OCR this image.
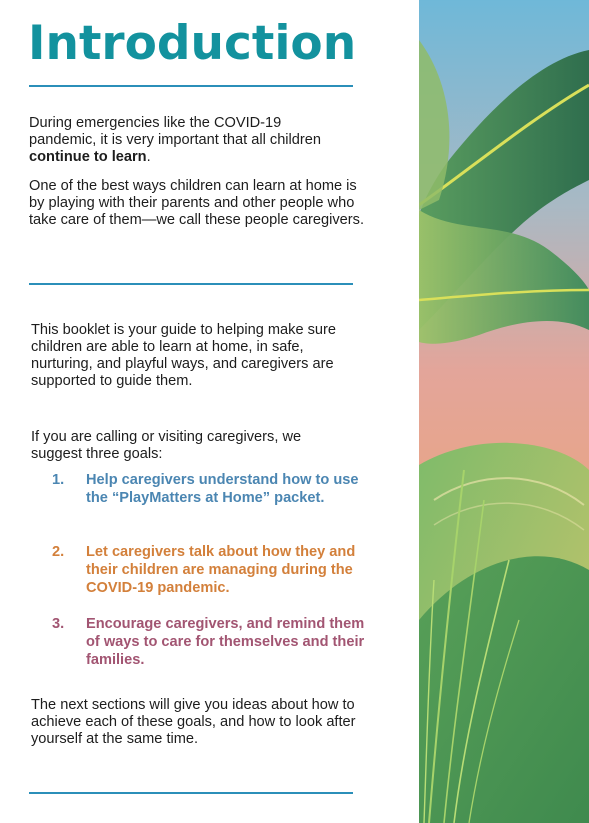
Introduction

During emergencies like the COVID-19 pandemic, it is very important that all children continue to learn.

One of the best ways children can learn at home is by playing with their parents and other people who take care of them—we call these people caregivers.

This booklet is your guide to helping make sure children are able to learn at home, in safe, nurturing, and playful ways, and caregivers are supported to guide them.

If you are calling or visiting caregivers, we suggest three goals:

1. Help caregivers understand how to use the “PlayMatters at Home” packet.
2. Let caregivers talk about how they and their children are managing during the COVID-19 pandemic.
3. Encourage caregivers, and remind them of ways to care for themselves and their families.

The next sections will give you ideas about how to achieve each of these goals, and how to look after yourself at the same time.
